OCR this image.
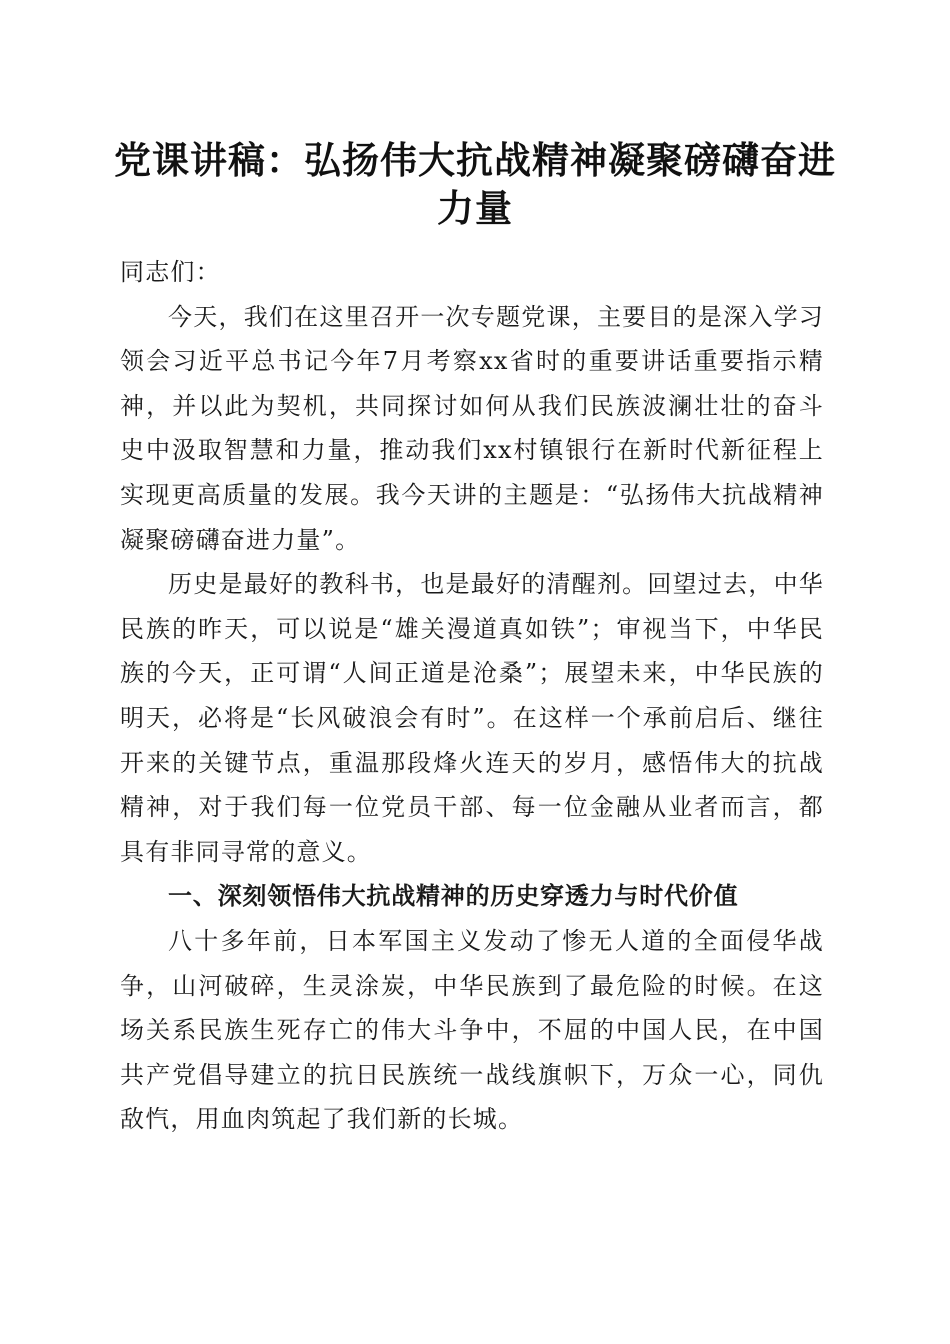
党课讲稿：弘扬伟大抗战精神凝聚磅礴奋进力量

同志们：

今天，我们在这里召开一次专题党课，主要目的是深入学习领会习近平总书记今年7月考察xx省时的重要讲话重要指示精神，并以此为契机，共同探讨如何从我们民族波澜壮壮的奋斗史中汲取智慧和力量，推动我们xx村镇银行在新时代新征程上实现更高质量的发展。我今天讲的主题是：“弘扬伟大抗战精神凝聚磅礴奋进力量”。

历史是最好的教科书，也是最好的清醒剂。回望过去，中华民族的昨天，可以说是“雄关漫道真如铁”；审视当下，中华民族的今天，正可谓“人间正道是沧桑”；展望未来，中华民族的明天，必将是“长风破浪会有时”。在这样一个承前启后、继往开来的关键节点，重温那段烽火连天的岁月，感悟伟大的抗战精神，对于我们每一位党员干部、每一位金融从业者而言，都具有非同寻常的意义。

一、深刻领悟伟大抗战精神的历史穿透力与时代价值

八十多年前，日本军国主义发动了惨无人道的全面侵华战争，山河破碎，生灵涂炭，中华民族到了最危险的时候。在这场关系民族生死存亡的伟大斗争中，不屈的中国人民，在中国共产党倡导建立的抗日民族统一战线旗帜下，万众一心，同仇敌忾，用血肉筑起了我们新的长城。
